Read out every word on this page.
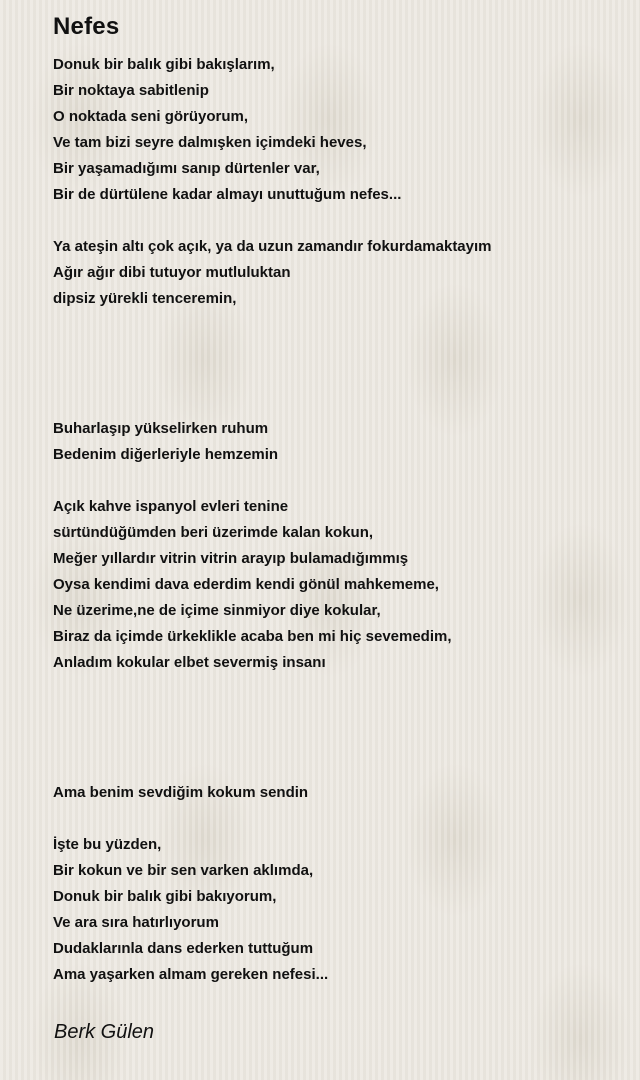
Nefes
Donuk bir balık gibi bakışlarım,
Bir noktaya sabitlenip
O noktada seni görüyorum,
Ve tam bizi seyre dalmışken içimdeki heves,
Bir yaşamadığımı sanıp dürtenler var,
Bir de dürtülene kadar almayı unuttuğum nefes...
Ya ateşin altı çok açık, ya da uzun zamandır fokurdamaktayım
Ağır ağır dibi tutuyor mutluluktan
dipsiz yürekli tenceremin,
Buharlaşıp yükselirken ruhum
Bedenim diğerleriyle hemzemin
Açık kahve ispanyol evleri tenine
sürtündüğümden beri üzerimde kalan kokun,
Meğer yıllardır vitrin vitrin arayıp bulamadığımmış
Oysa kendimi dava ederdim kendi gönül mahkememe,
Ne üzerime,ne de içime sinmiyor diye kokular,
Biraz da içimde ürkeklikle acaba ben mi hiç sevemedim,
Anladım kokular elbet severmiş insanı
Ama benim sevdiğim kokum sendin
İşte bu yüzden,
Bir kokun ve bir sen varken aklımda,
Donuk bir balık gibi bakıyorum,
Ve ara sıra hatırlıyorum
Dudaklarınla dans ederken tuttuğum
Ama yaşarken almam gereken nefesi...
Berk Gülen
